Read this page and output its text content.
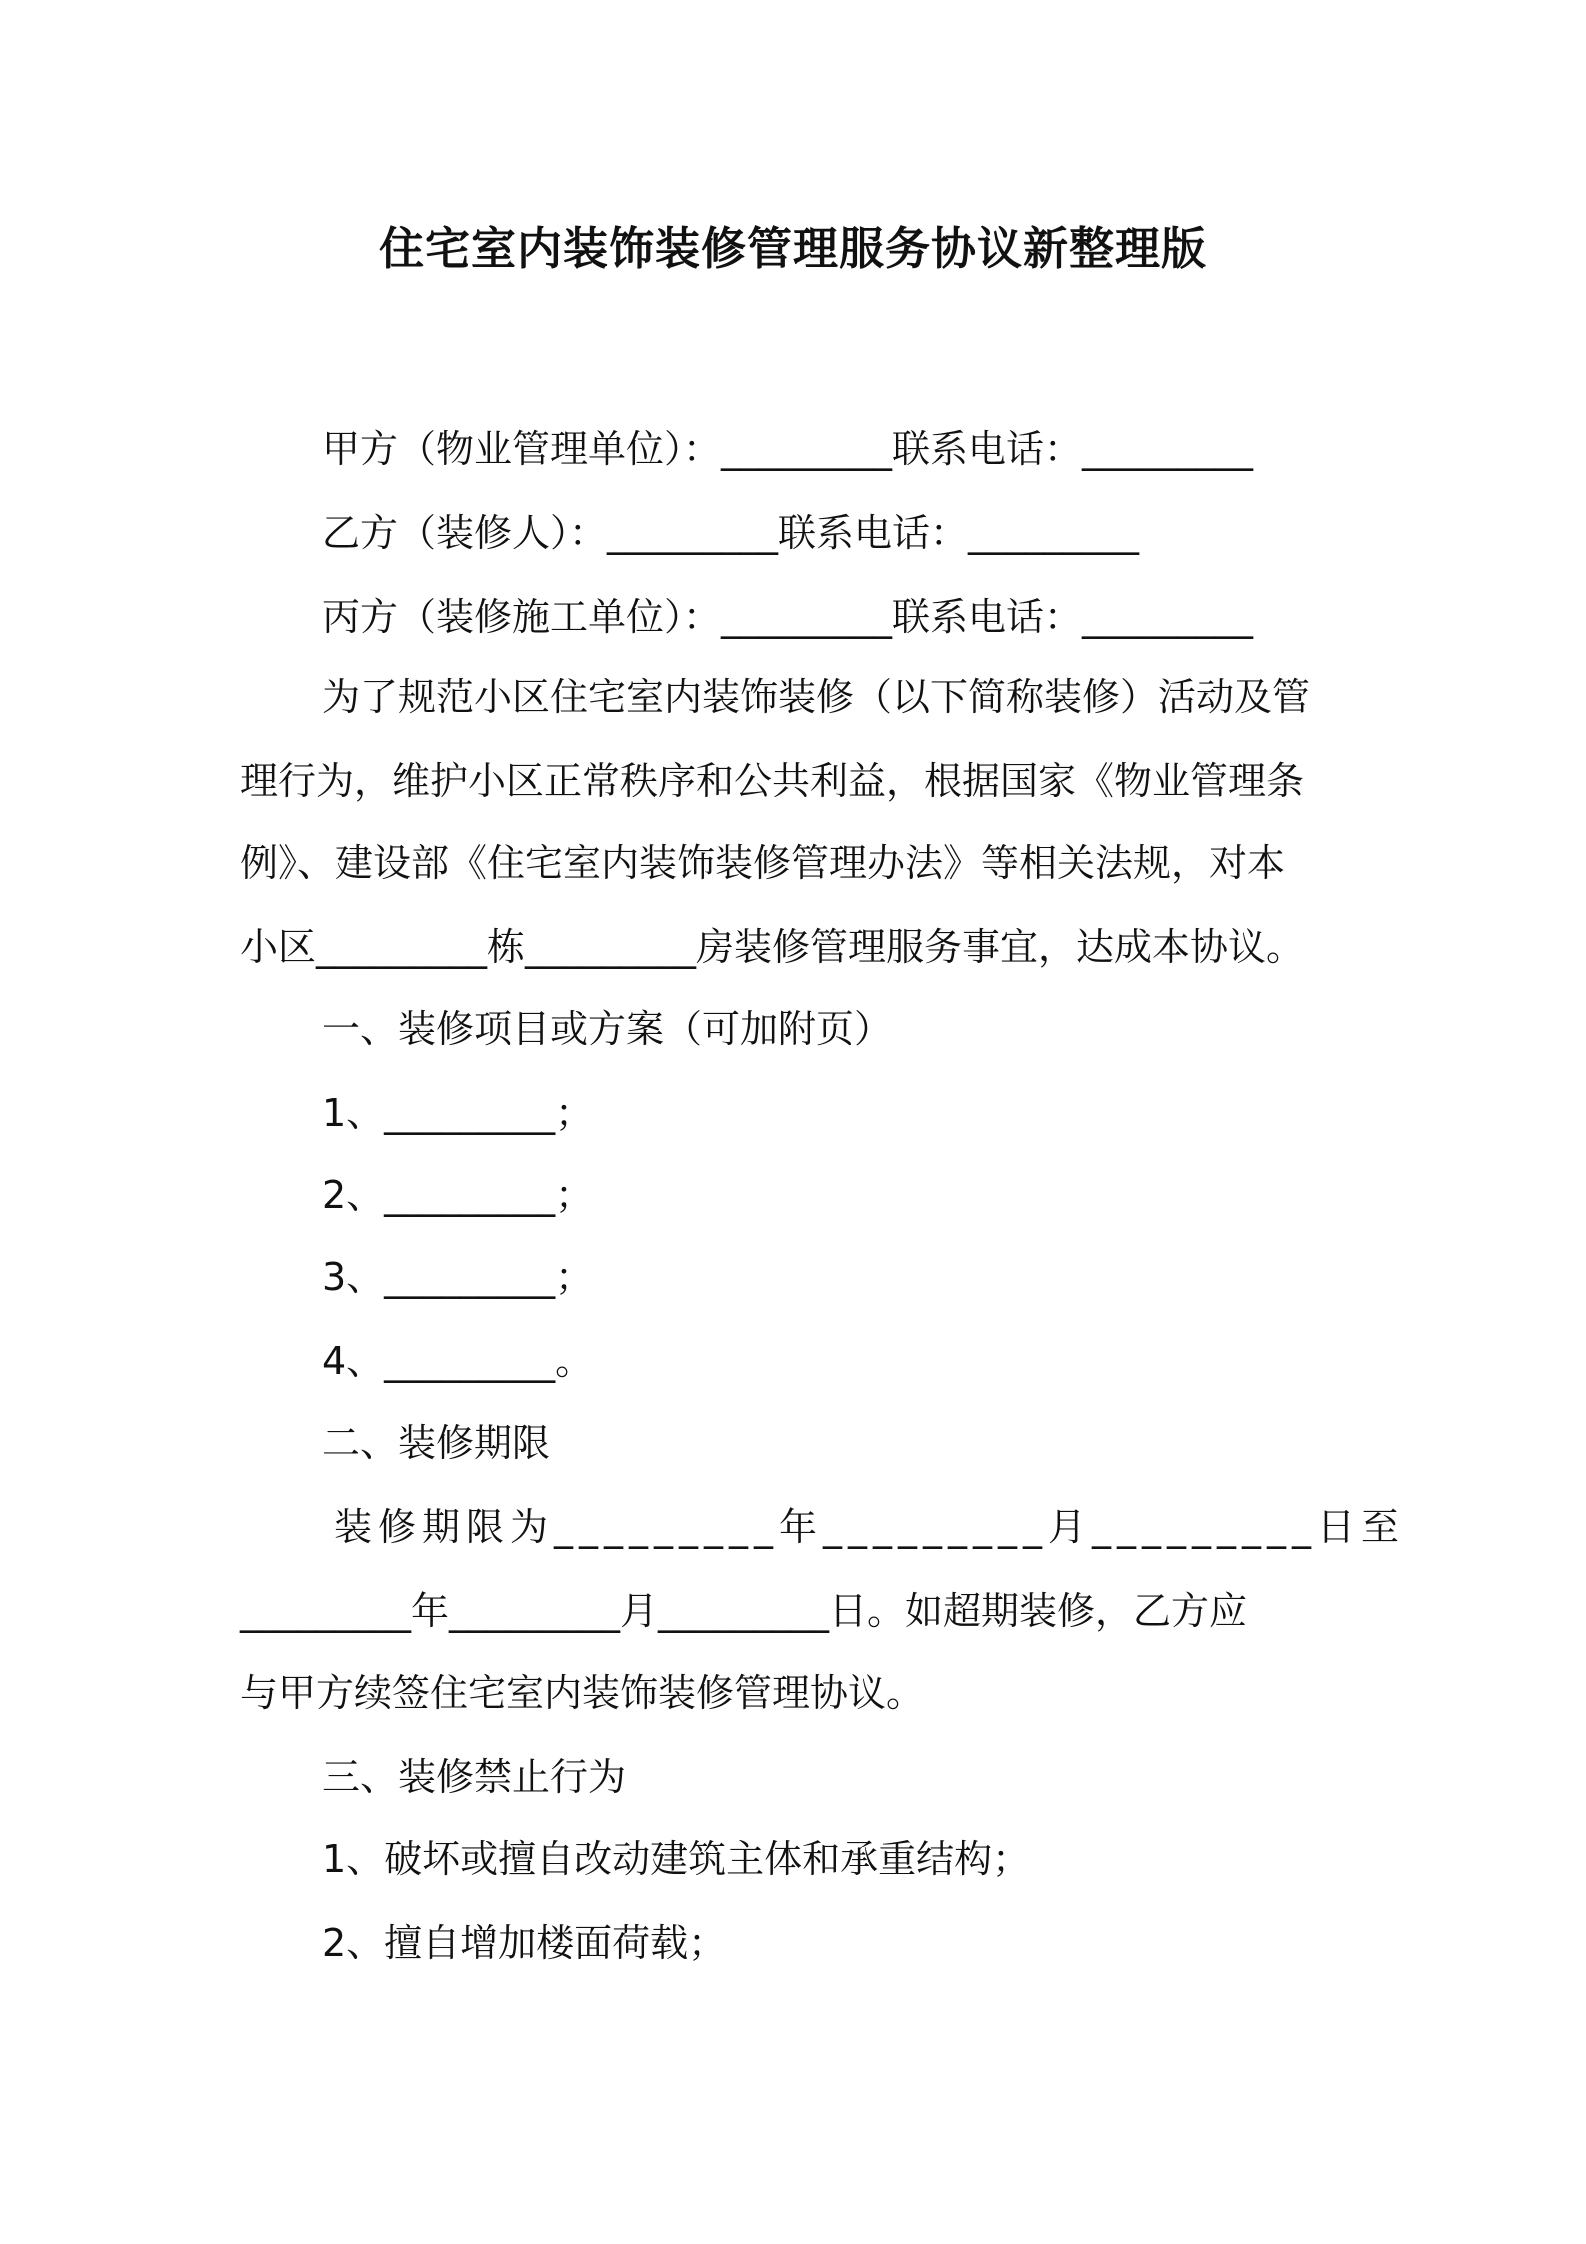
住宅室内装饰装修管理服务协议新整理版

甲方（物业管理单位）：_________联系电话：_________

乙方（装修人）：_________联系电话：_________

丙方（装修施工单位）：_________联系电话：_________

为了规范小区住宅室内装饰装修（以下简称装修）活动及管

理行为，维护小区正常秩序和公共利益，根据国家《物业管理条

例》、建设部《住宅室内装饰装修管理办法》等相关法规，对本

小区_________栋_________房装修管理服务事宜，达成本协议。

一、装修项目或方案（可加附页）

1、_________；

2、_________；

3、_________；

4、_________。

二、装修期限

装修期限为_________年_________月_________日至

_________年_________月_________日。如超期装修，乙方应

与甲方续签住宅室内装饰装修管理协议。

三、装修禁止行为

1、破坏或擅自改动建筑主体和承重结构；

2、擅自增加楼面荷载；
